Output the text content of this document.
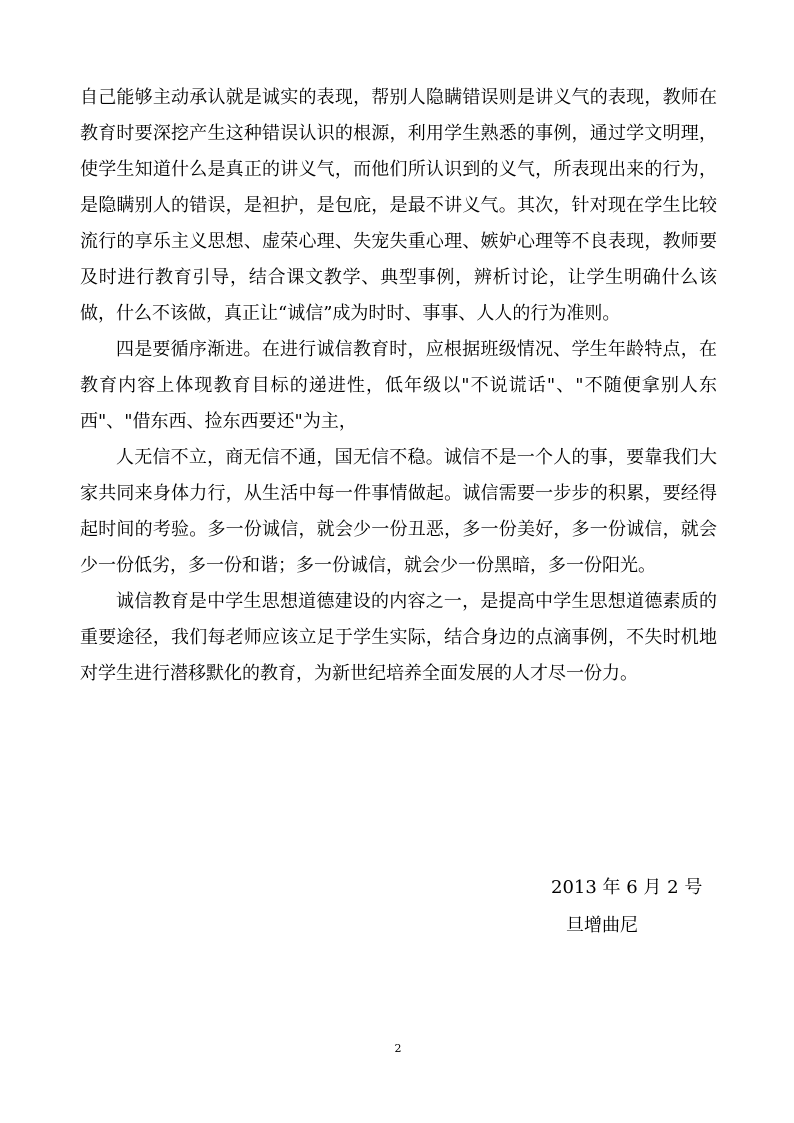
自己能够主动承认就是诚实的表现，帮别人隐瞒错误则是讲义气的表现，教师在教育时要深挖产生这种错误认识的根源，利用学生熟悉的事例，通过学文明理，使学生知道什么是真正的讲义气，而他们所认识到的义气，所表现出来的行为，是隐瞒别人的错误，是袒护，是包庇，是最不讲义气。其次，针对现在学生比较流行的享乐主义思想、虚荣心理、失宠失重心理、嫉妒心理等不良表现，教师要及时进行教育引导，结合课文教学、典型事例，辨析讨论，让学生明确什么该做，什么不该做，真正让“诚信”成为时时、事事、人人的行为准则。

四是要循序渐进。在进行诚信教育时，应根据班级情况、学生年龄特点，在教育内容上体现教育目标的递进性，低年级以"不说谎话"、"不随便拿别人东西"、"借东西、捡东西要还"为主，

人无信不立，商无信不通，国无信不稳。诚信不是一个人的事，要靠我们大家共同来身体力行，从生活中每一件事情做起。诚信需要一步步的积累，要经得起时间的考验。多一份诚信，就会少一份丑恶，多一份美好，多一份诚信，就会少一份低劣，多一份和谐；多一份诚信，就会少一份黑暗，多一份阳光。

诚信教育是中学生思想道德建设的内容之一，是提高中学生思想道德素质的重要途径，我们每老师应该立足于学生实际，结合身边的点滴事例，不失时机地对学生进行潜移默化的教育，为新世纪培养全面发展的人才尽一份力。

2013 年 6 月 2 号
旦增曲尼
2
